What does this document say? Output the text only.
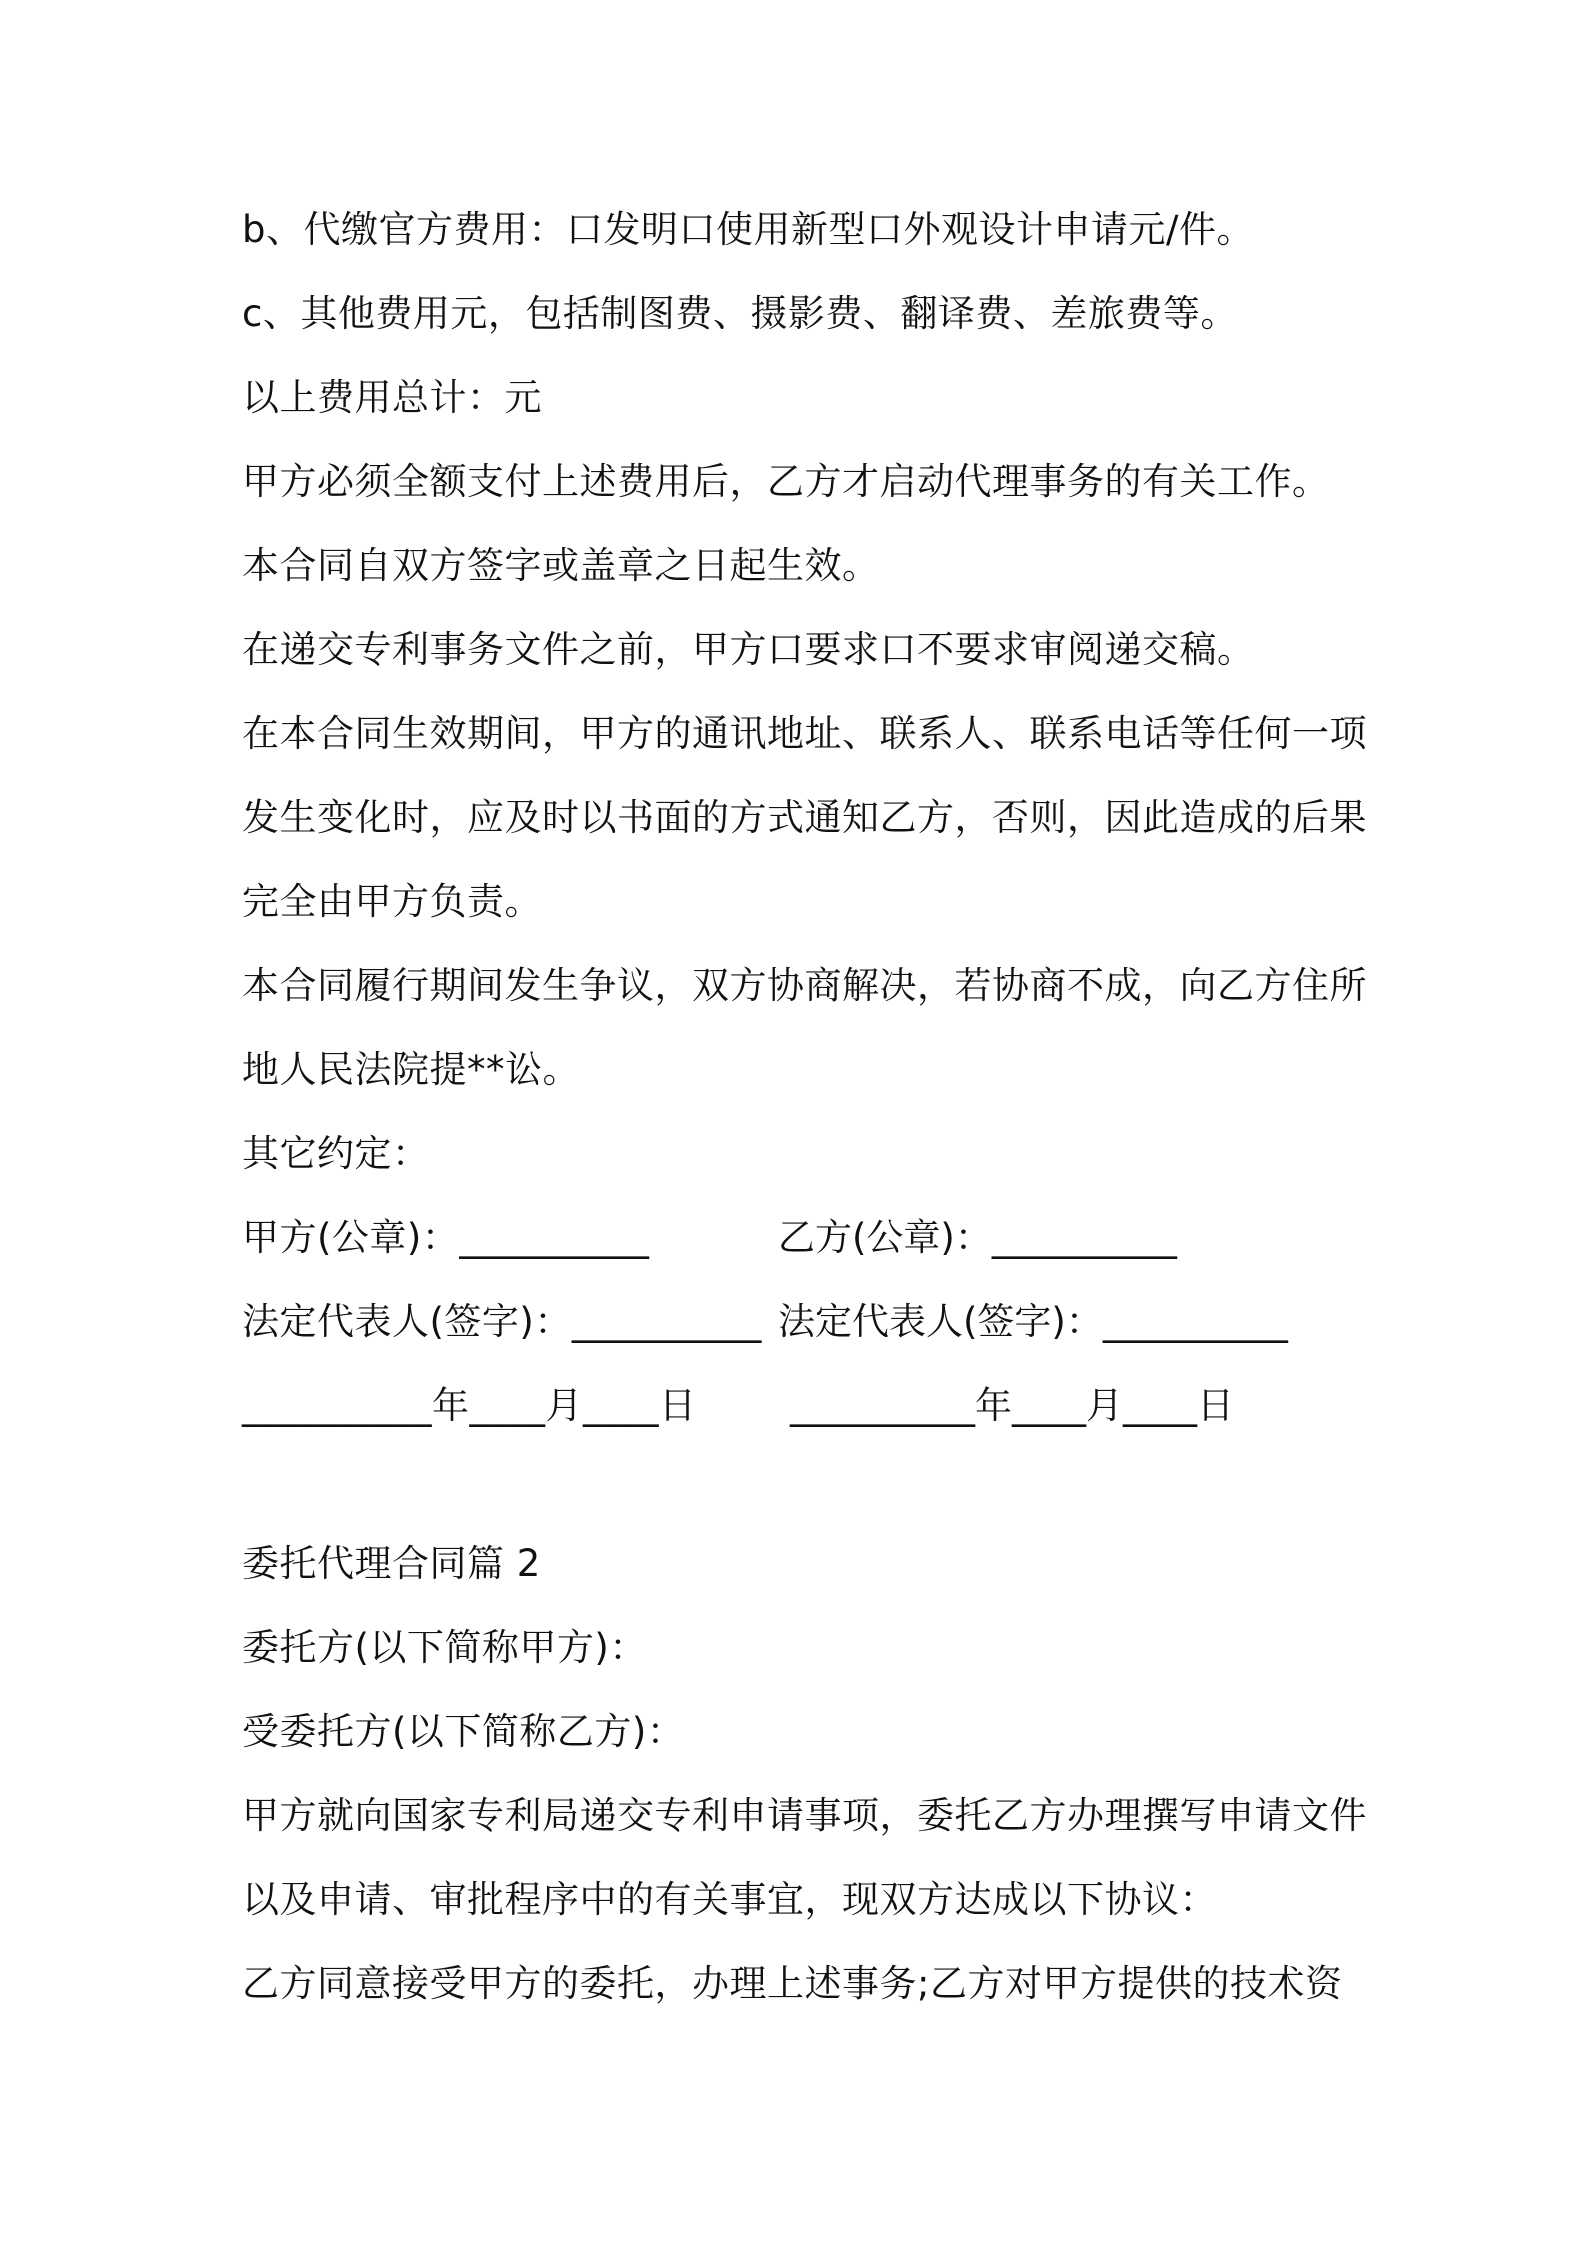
b、代缴官方费用：口发明口使用新型口外观设计申请元/件。
c、其他费用元，包括制图费、摄影费、翻译费、差旅费等。
以上费用总计：元
甲方必须全额支付上述费用后，乙方才启动代理事务的有关工作。
本合同自双方签字或盖章之日起生效。
在递交专利事务文件之前，甲方口要求口不要求审阅递交稿。
在本合同生效期间，甲方的通讯地址、联系人、联系电话等任何一项
发生变化时，应及时以书面的方式通知乙方，否则，因此造成的后果
完全由甲方负责。
本合同履行期间发生争议，双方协商解决，若协商不成，向乙方住所
地人民法院提**讼。
其它约定：
甲方(公章)：__________	乙方(公章)：__________
法定代表人(签字)：__________ 法定代表人(签字)：__________
__________年____月____日	__________年____月____日
委托代理合同篇 2
委托方(以下简称甲方)：
受委托方(以下简称乙方)：
甲方就向国家专利局递交专利申请事项，委托乙方办理撰写申请文件
以及申请、审批程序中的有关事宜，现双方达成以下协议：
乙方同意接受甲方的委托，办理上述事务;乙方对甲方提供的技术资
